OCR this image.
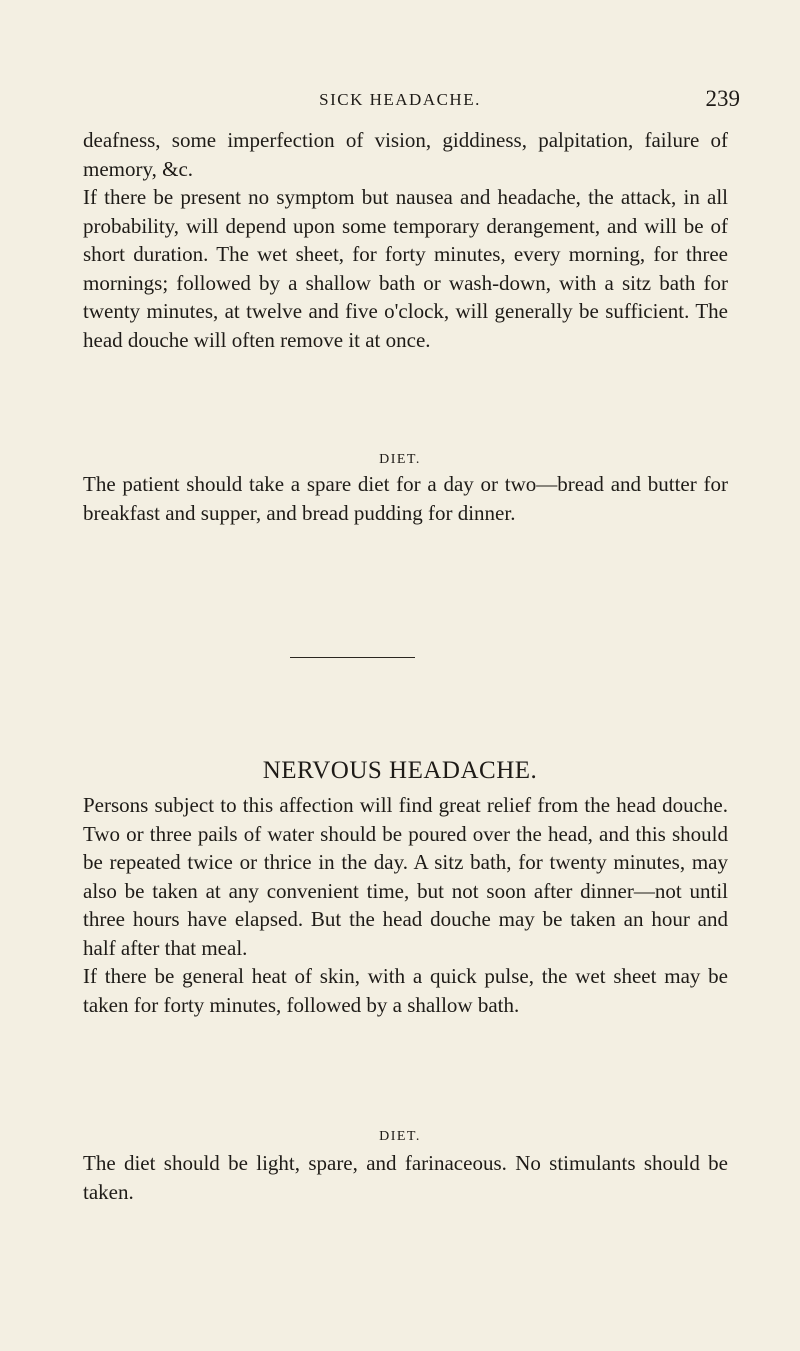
SICK HEADACHE.	239

deafness, some imperfection of vision, giddiness, palpitation, failure of memory, &c.

If there be present no symptom but nausea and headache, the attack, in all probability, will depend upon some temporary derangement, and will be of short duration. The wet sheet, for forty minutes, every morning, for three mornings; followed by a shallow bath or wash-down, with a sitz bath for twenty minutes, at twelve and five o'clock, will generally be sufficient. The head douche will often remove it at once.

DIET.

The patient should take a spare diet for a day or two—bread and butter for breakfast and supper, and bread pudding for dinner.

NERVOUS HEADACHE.

Persons subject to this affection will find great relief from the head douche. Two or three pails of water should be poured over the head, and this should be repeated twice or thrice in the day. A sitz bath, for twenty minutes, may also be taken at any convenient time, but not soon after dinner—not until three hours have elapsed. But the head douche may be taken an hour and half after that meal.

If there be general heat of skin, with a quick pulse, the wet sheet may be taken for forty minutes, followed by a shallow bath.

DIET.

The diet should be light, spare, and farinaceous. No stimulants should be taken.
